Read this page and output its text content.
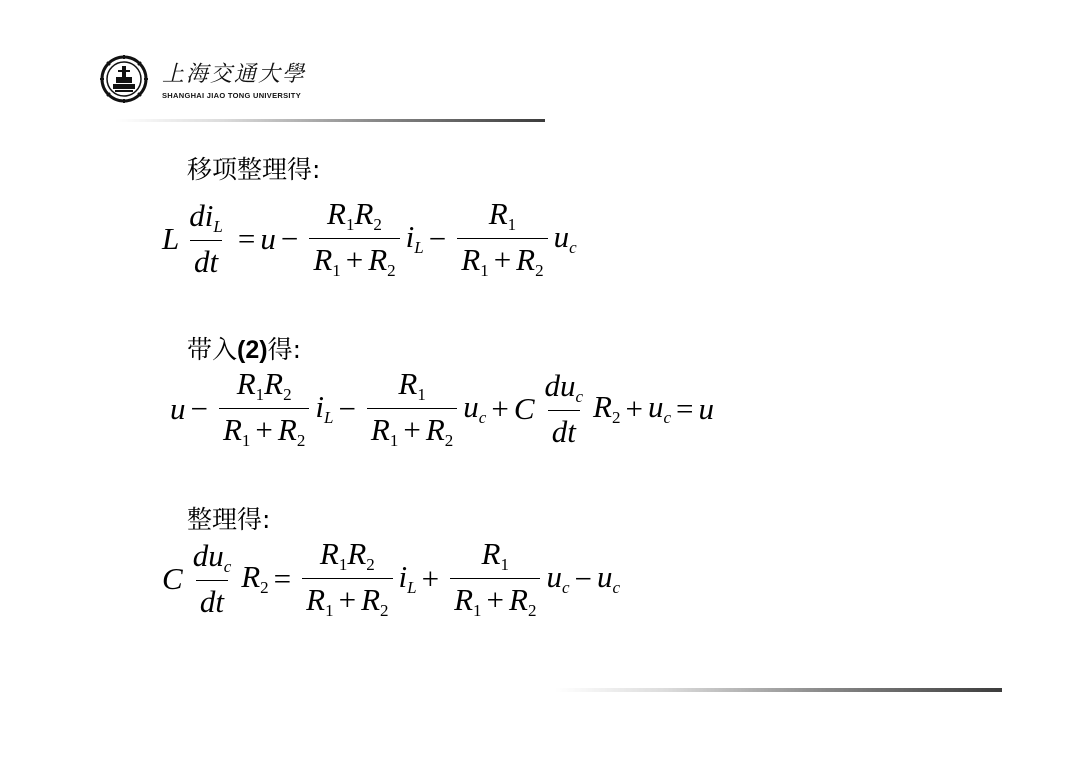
上海交通大學
SHANGHAI JIAO TONG UNIVERSITY
移项整理得:
L $\frac{di_L}{dt} = u - \frac{R_1R_2}{R_1 + R_2} i_L - \frac{R_1}{R_1 + R_2} u_c$
带入(2)得:
$u - \frac{R_1R_2}{R_1 + R_2} i_L - \frac{R_1}{R_1 + R_2} u_c + C \frac{du_c}{dt} R_2 + u_c = u$
整理得:
C $\frac{du_c}{dt} R_2 = \frac{R_1R_2}{R_1 + R_2} i_L + \frac{R_1}{R_1 + R_2} u_c - u_c$
